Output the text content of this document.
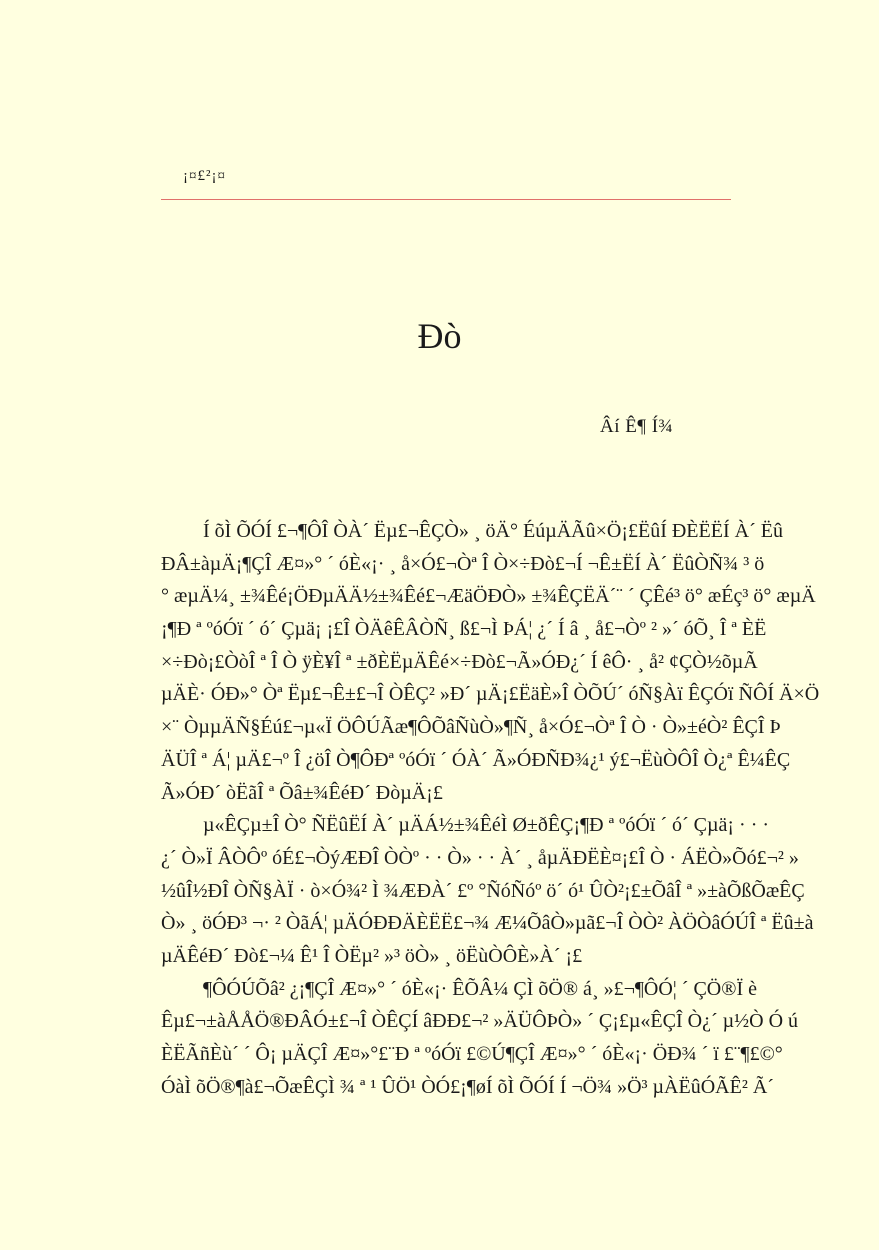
¡¤£²¡¤
Ðò
Âí Ê¶ Í¾
Í õÌ ÕÓÍ £¬¶ÔÎ ÒÀ´ Ëµ£¬ÊÇÒ» ¸ öÄ° ÉúµÄÃû×Ö¡£ËûÍ ÐÈËËÍ À´ Ëû
ÐÂ±àµÄ¡¶ÇÎ Æ¤»° ´ óÈ«¡· ¸ å×Ó£¬Òª Î Ò×÷Ðò£¬Í ¬Ê±ËÍ À´ ËûÒÑ¾ ³ ö
° æµÄ¼¸ ±¾Êé¡ÖÐµÄÄ½±¾Êé£¬ÆäÖÐÒ» ±¾ÊÇËÄ´¨ ´ ÇÊé³ ö° æÉç³ ö° æµÄ
¡¶Ð ª ºóÓï ´ ó´ Çµä¡ ¡£Î ÒÄêÊÂÒÑ¸ ß£¬Ì ÞÁ¦ ¿´ Í â ¸ å£¬Òº ² »´ óÕ¸ Î ª ÈË
×÷Ðò¡£ÒòÎ ª Î Ò ÿÈ¥Î ª ±ðÈËµÄÊé×÷Ðò£¬Ã»ÓÐ¿´ Í êÔ· ¸ å² ¢ÇÒ½õµÃ
µÄÈ· ÓÐ»° Òª Ëµ£¬Ê±£¬Î ÒÊÇ² »Ð´ µÄ¡£ËäÈ»Î ÒÕÚ´ óÑ§Àï ÊÇÓï ÑÔÍ Ä×Ö
×¨ ÒµµÄÑ§Éú£¬µ«Ï ÖÔÚÃæ¶ÔÕâÑùÒ»¶Ñ¸ å×Ó£¬Òª Î Ò · Ò»±éÒ² ÊÇÎ Þ
ÄÜÎ ª Á¦ µÄ£¬º Î ¿öÎ Ò¶ÔÐª ºóÓï ´ ÓÀ´ Ã»ÓÐÑÐ¾¿¹ ý£¬ËùÒÔÎ Ò¿ª Ê¼ÊÇ
Ã»ÓÐ´ òËãÎ ª Õâ±¾ÊéÐ´ ÐòµÄ¡£
µ«ÊÇµ±Î Ò° ÑËûËÍ À´ µÄÁ½±¾ÊéÌ Ø±ðÊÇ¡¶Ð ª ºóÓï ´ ó´ Çµä¡ · · ·
¿´ Ò»Ï ÂÒÔº óÉ£¬ÒýÆÐÎ ÒÒº · · Ò» · · À´ ¸ åµÄÐËÈ¤¡£Î Ò · ÁËÒ»Õó£¬² »
½ûÎ½ÐÎ ÒÑ§ÀÏ · ò×Ó¾² Ì ¾ÆÐÀ´ £º °ÑóÑóº ö´ ó¹ ÛÒ²¡£±ÕâÎ ª »±àÕßÕæÊÇ
Ò» ¸ öÓÐ³ ¬· ² ÒãÁ¦ µÄÓÐÐÄÈËË£¬¾ Æ¼ÕâÒ»µã£¬Î ÒÒ² ÀÖÒâÓÚÎ ª Ëû±à
µÄÊéÐ´ Ðò£¬¼ Ê¹ Î ÒËµ² »³ öÒ» ¸ öËùÒÔÈ»À´ ¡£
¶ÔÓÚÕâ² ¿¡¶ÇÎ Æ¤»° ´ óÈ«¡· ÊÕÂ¼ ÇÌ õÖ® á¸ »£¬¶ÔÓ¦ ´ ÇÖ®Ï è
Êµ£¬±àÅÅÖ®ÐÂÓ±£¬Î ÒÊÇÍ âÐÐ£¬² »ÄÜÔÞÒ» ´ Ç¡£µ«ÊÇÎ Ò¿´ µ½Ò Ó ú
ÈËÃñÈù´ ´ Ô¡ µÄÇÎ Æ¤»°£¨Ð ª ºóÓï £©Ú¶ÇÎ Æ¤»° ´ óÈ«¡· ÖÐ¾ ´ ï £¨¶£©°
ÓàÌ õÖ®¶à£¬ÕæÊÇÌ ¾ ª ¹ ÛÖ¹ ÒÓ£¡¶øÍ õÌ ÕÓÍ Í ¬Ö¾ »Ö³ µÀËûÓÃÊ² Ã´
